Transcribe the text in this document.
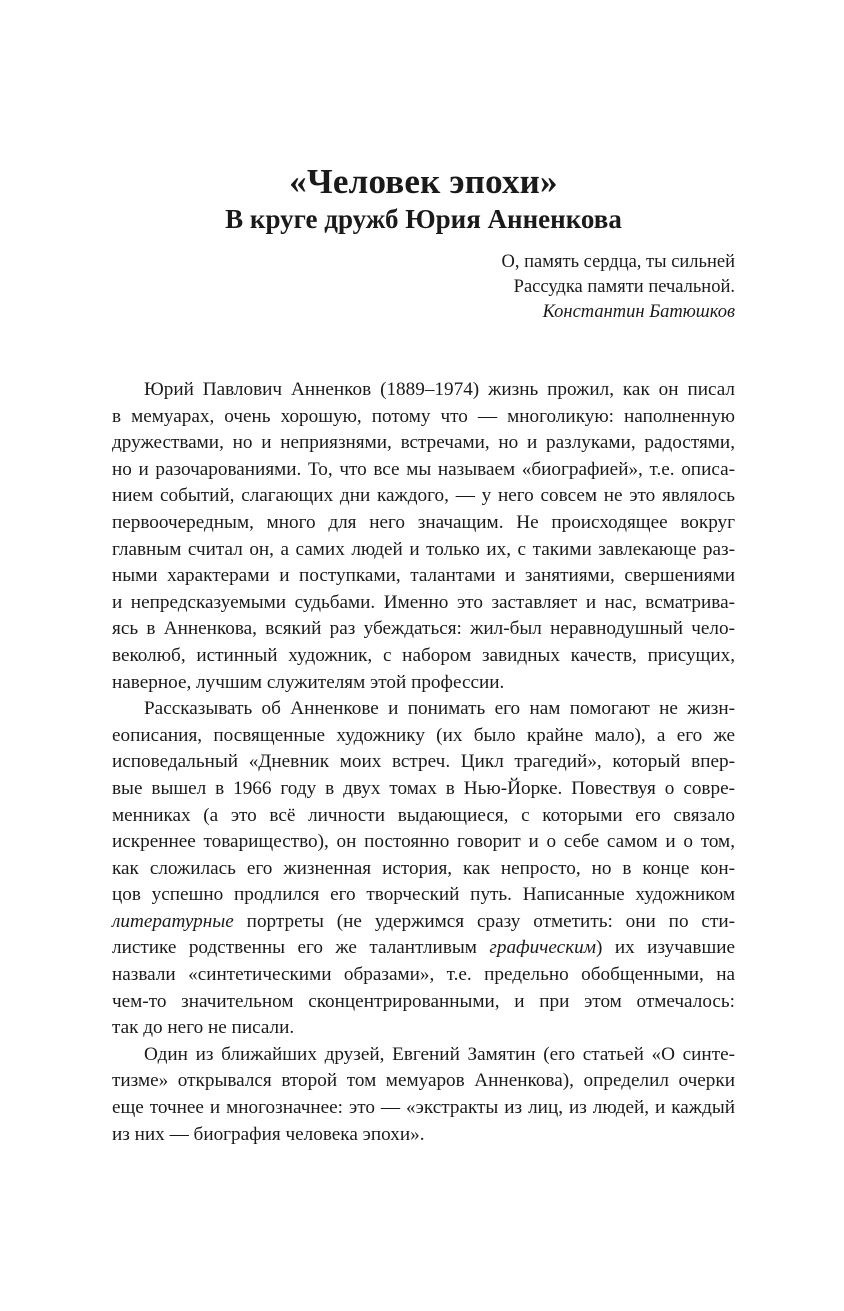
«Человек эпохи»
В круге дружб Юрия Анненкова
О, память сердца, ты сильней
Рассудка памяти печальной.
Константин Батюшков

Юрий Павлович Анненков (1889–1974) жизнь прожил, как он писал
в мемуарах, очень хорошую, потому что — многоликую: наполненную
дружествами, но и неприязнями, встречами, но и разлуками, радостями,
но и разочарованиями. То, что все мы называем «биографией», т.е. описа-
нием событий, слагающих дни каждого, — у него совсем не это являлось
первоочередным, много для него значащим. Не происходящее вокруг
главным считал он, а самих людей и только их, с такими завлекающе раз-
ными характерами и поступками, талантами и занятиями, свершениями
и непредсказуемыми судьбами. Именно это заставляет и нас, всматрива-
ясь в Анненкова, всякий раз убеждаться: жил-был неравнодушный чело-
веколюб, истинный художник, с набором завидных качеств, присущих,
наверное, лучшим служителям этой профессии.

Рассказывать об Анненкове и понимать его нам помогают не жизн-
еописания, посвященные художнику (их было крайне мало), а его же
исповедальный «Дневник моих встреч. Цикл трагедий», который впер-
вые вышел в 1966 году в двух томах в Нью-Йорке. Повествуя о совре-
менниках (а это всё личности выдающиеся, с которыми его связало
искреннее товарищество), он постоянно говорит и о себе самом и о том,
как сложилась его жизненная история, как непросто, но в конце кон-
цов успешно продлился его творческий путь. Написанные художником
литературные портреты (не удержимся сразу отметить: они по сти-
листике родственны его же талантливым графическим) их изучавшие
назвали «синтетическими образами», т.е. предельно обобщенными, на
чем-то значительном сконцентрированными, и при этом отмечалось:
так до него не писали.

Один из ближайших друзей, Евгений Замятин (его статьей «О синте-
тизме» открывался второй том мемуаров Анненкова), определил очерки
еще точнее и многозначнее: это — «экстракты из лиц, из людей, и каждый
из них — биография человека эпохи».
